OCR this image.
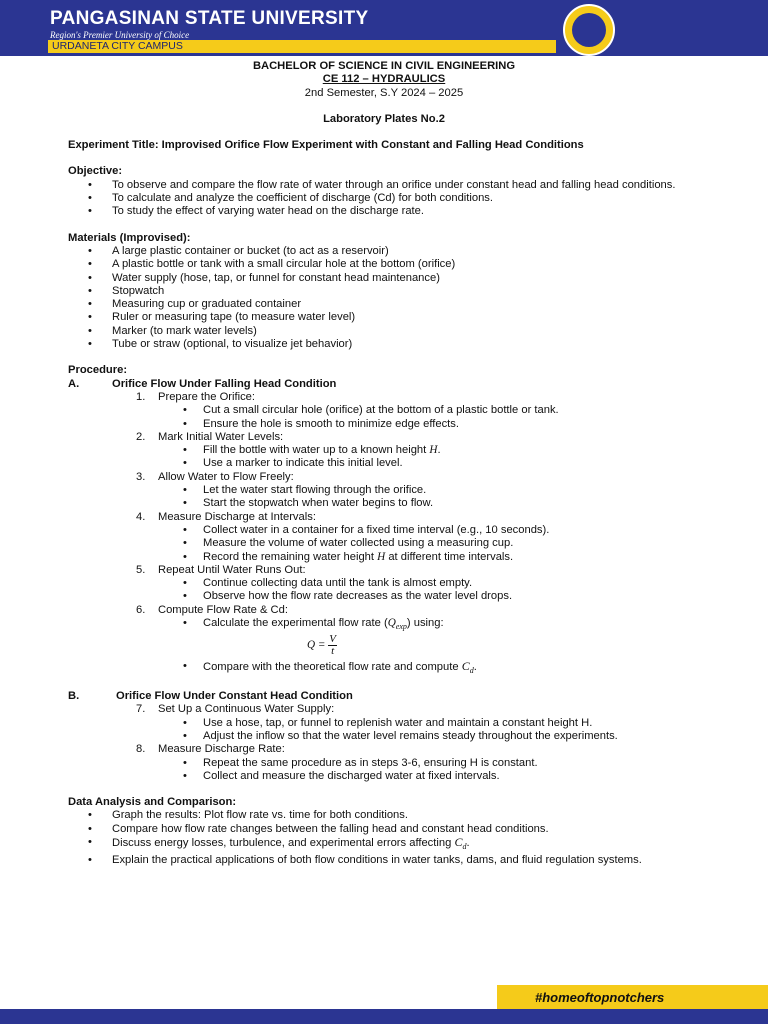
PANGASINAN STATE UNIVERSITY
Region's Premier University of Choice
URDANETA CITY CAMPUS	1979

BACHELOR OF SCIENCE IN CIVIL ENGINEERING

CE 112 – HYDRAULICS

2nd Semester, S.Y 2024 – 2025

Laboratory Plates No.2

Experiment Title: Improvised Orifice Flow Experiment with Constant and Falling Head Conditions

Objective:

• To observe and compare the flow rate of water through an orifice under constant head and falling head conditions.

• To calculate and analyze the coefficient of discharge (Cd) for both conditions.

• To study the effect of varying water head on the discharge rate.

Materials (Improvised):

• A large plastic container or bucket (to act as a reservoir)

• A plastic bottle or tank with a small circular hole at the bottom (orifice)

• Water supply (hose, tap, or funnel for constant head maintenance)

• Stopwatch

• Measuring cup or graduated container

• Ruler or measuring tape (to measure water level)

• Marker (to mark water levels)

• Tube or straw (optional, to visualize jet behavior)

Procedure:

A.	Orifice Flow Under Falling Head Condition
1. Prepare the Orifice:

• Cut a small circular hole (orifice) at the bottom of a plastic bottle or tank.

• Ensure the hole is smooth to minimize edge effects.

2. Mark Initial Water Levels:

• Fill the bottle with water up to a known height H.

• Use a marker to indicate this initial level.

3. Allow Water to Flow Freely:

• Let the water start flowing through the orifice.

• Start the stopwatch when water begins to flow.

4. Measure Discharge at Intervals:

• Collect water in a container for a fixed time interval (e.g., 10 seconds).

• Measure the volume of water collected using a measuring cup.

• Record the remaining water height H at different time intervals.

5. Repeat Until Water Runs Out:

• Continue collecting data until the tank is almost empty.

• Observe how the flow rate decreases as the water level drops.

6. Compute Flow Rate & Cd:

• Calculate the experimental flow rate $(Q_{exp})$ using:

$Q = \frac{V}{t}$

• Compare with the theoretical flow rate and compute $C_d$.

B.	Orifice Flow Under Constant Head Condition
7. Set Up a Continuous Water Supply:

• Use a hose, tap, or funnel to replenish water and maintain a constant height H.

• Adjust the inflow so that the water level remains steady throughout the experiments.

8. Measure Discharge Rate:

• Repeat the same procedure as in steps 3-6, ensuring H is constant.

• Collect and measure the discharged water at fixed intervals.

Data Analysis and Comparison:

• Graph the results: Plot flow rate vs. time for both conditions.

• Compare how flow rate changes between the falling head and constant head conditions.

• Discuss energy losses, turbulence, and experimental errors affecting $C_d$.

• Explain the practical applications of both flow conditions in water tanks, dams, and fluid regulation systems.

#homeoftopnotchers
